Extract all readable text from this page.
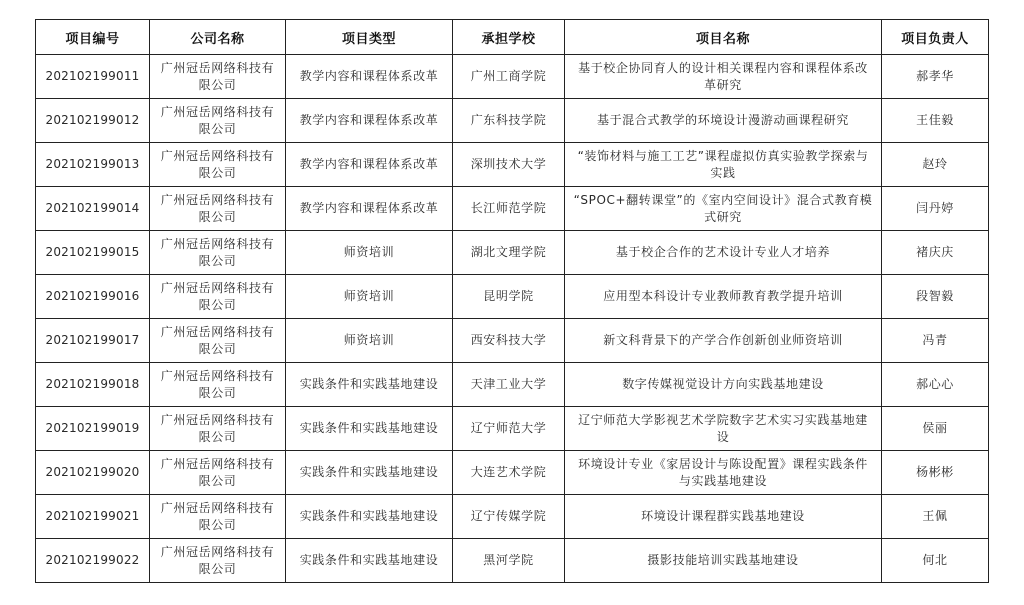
项目编号	公司名称	项目类型	承担学校	项目名称	项目负责人
202102199011	广州冠岳网络科技有限公司	教学内容和课程体系改革	广州工商学院	基于校企协同育人的设计相关课程内容和课程体系改革研究	郝孝华
202102199012	广州冠岳网络科技有限公司	教学内容和课程体系改革	广东科技学院	基于混合式教学的环境设计漫游动画课程研究	王佳毅
202102199013	广州冠岳网络科技有限公司	教学内容和课程体系改革	深圳技术大学	“装饰材料与施工工艺”课程虚拟仿真实验教学探索与实践	赵玲
202102199014	广州冠岳网络科技有限公司	教学内容和课程体系改革	长江师范学院	“SPOC+翻转课堂”的《室内空间设计》混合式教育模式研究	闫丹婷
202102199015	广州冠岳网络科技有限公司	师资培训	湖北文理学院	基于校企合作的艺术设计专业人才培养	褚庆庆
202102199016	广州冠岳网络科技有限公司	师资培训	昆明学院	应用型本科设计专业教师教育教学提升培训	段智毅
202102199017	广州冠岳网络科技有限公司	师资培训	西安科技大学	新文科背景下的产学合作创新创业师资培训	冯青
202102199018	广州冠岳网络科技有限公司	实践条件和实践基地建设	天津工业大学	数字传媒视觉设计方向实践基地建设	郝心心
202102199019	广州冠岳网络科技有限公司	实践条件和实践基地建设	辽宁师范大学	辽宁师范大学影视艺术学院数字艺术实习实践基地建设	侯丽
202102199020	广州冠岳网络科技有限公司	实践条件和实践基地建设	大连艺术学院	环境设计专业《家居设计与陈设配置》课程实践条件与实践基地建设	杨彬彬
202102199021	广州冠岳网络科技有限公司	实践条件和实践基地建设	辽宁传媒学院	环境设计课程群实践基地建设	王佩
202102199022	广州冠岳网络科技有限公司	实践条件和实践基地建设	黑河学院	摄影技能培训实践基地建设	何北
